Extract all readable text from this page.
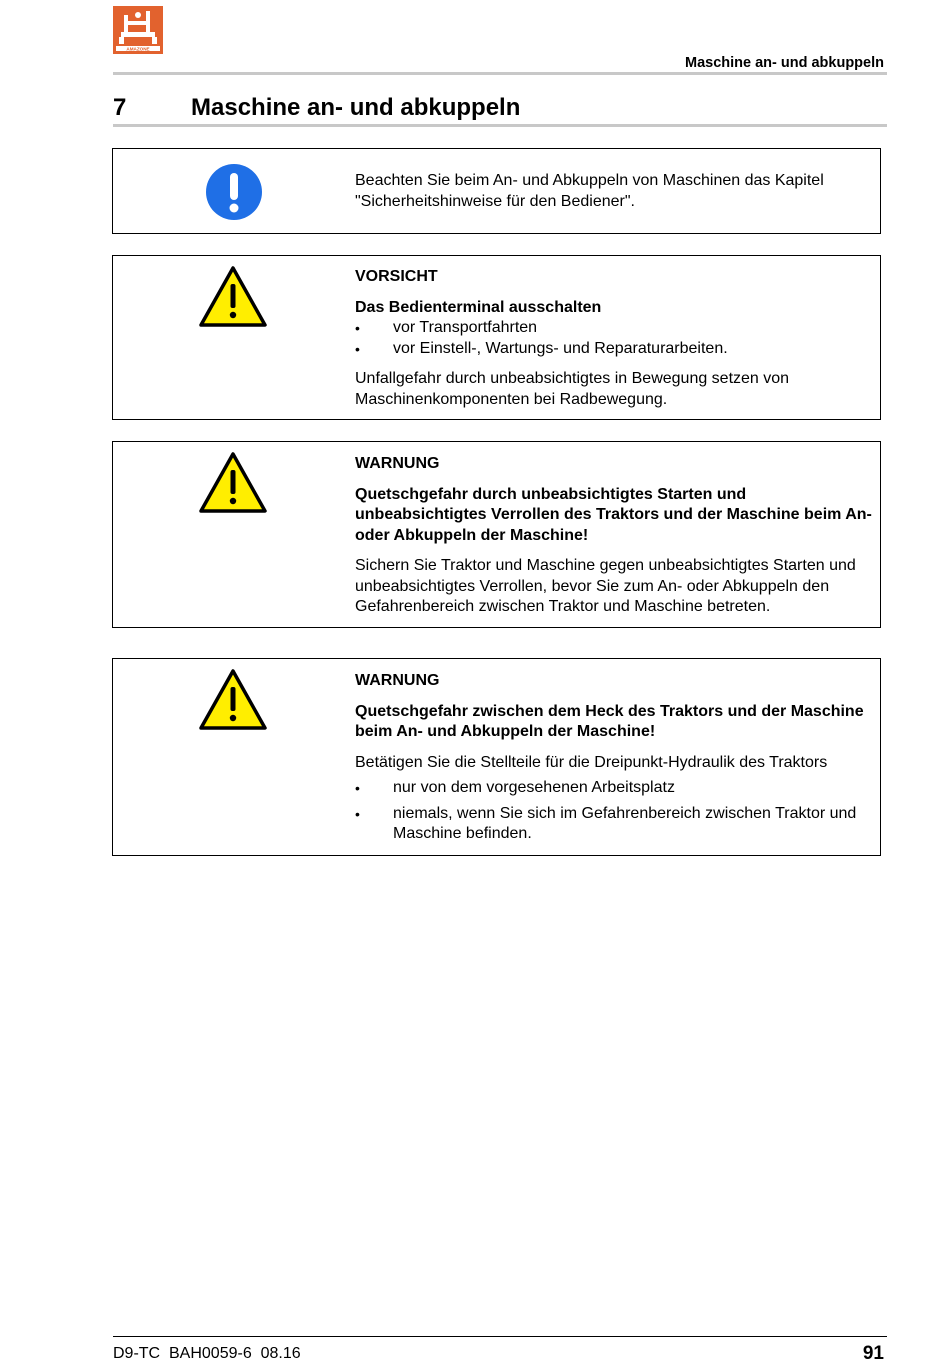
AMAZONE
Maschine an- und abkuppeln
7	Maschine an- und abkuppeln

Beachten Sie beim An- und Abkuppeln von Maschinen das Kapitel "Sicherheitshinweise für den Bediener".

VORSICHT

Das Bedienterminal ausschalten

• vor Transportfahrten
• vor Einstell-, Wartungs- und Reparaturarbeiten.

Unfallgefahr durch unbeabsichtigtes in Bewegung setzen von Maschinenkomponenten bei Radbewegung.

WARNUNG

Quetschgefahr durch unbeabsichtigtes Starten und unbeabsichtigtes Verrollen des Traktors und der Maschine beim An- oder Abkuppeln der Maschine!

Sichern Sie Traktor und Maschine gegen unbeabsichtigtes Starten und unbeabsichtigtes Verrollen, bevor Sie zum An- oder Abkuppeln den Gefahrenbereich zwischen Traktor und Maschine betreten.

WARNUNG

Quetschgefahr zwischen dem Heck des Traktors und der Maschine beim An- und Abkuppeln der Maschine!

Betätigen Sie die Stellteile für die Dreipunkt-Hydraulik des Traktors

• nur von dem vorgesehenen Arbeitsplatz
• niemals, wenn Sie sich im Gefahrenbereich zwischen Traktor und Maschine befinden.
D9-TC  BAH0059-6  08.16	91
